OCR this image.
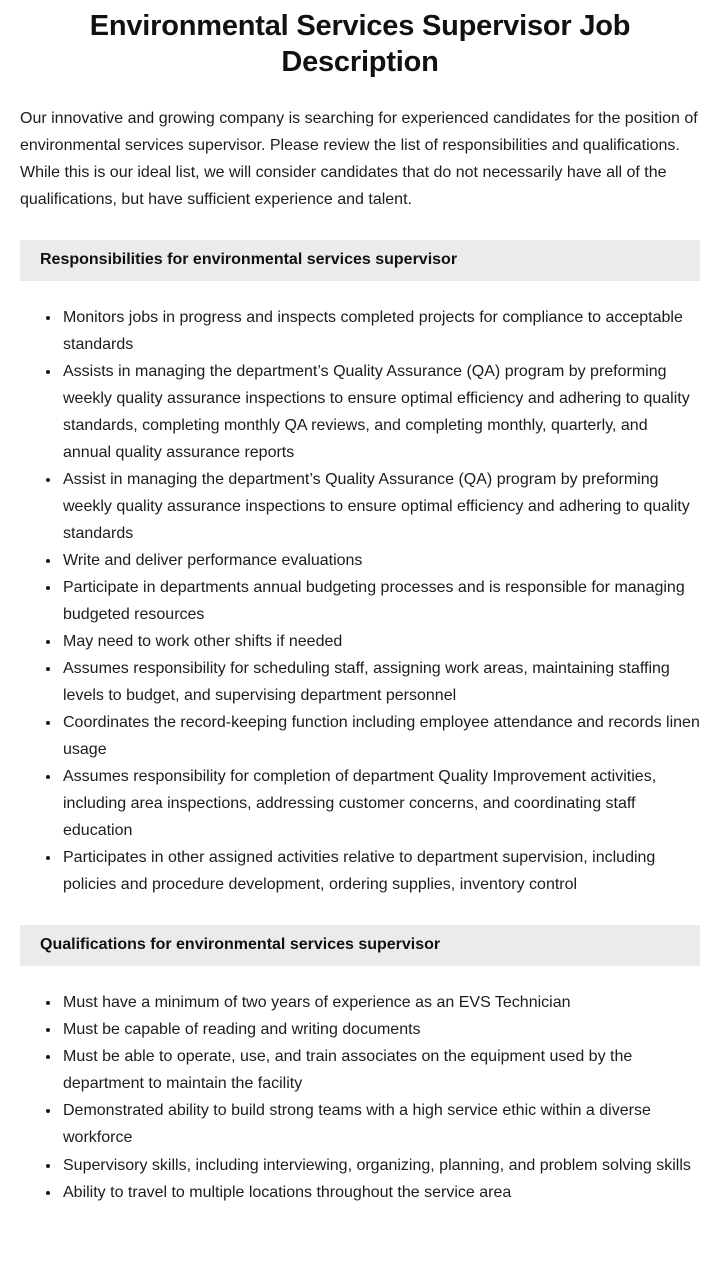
Environmental Services Supervisor Job Description

Our innovative and growing company is searching for experienced candidates for the position of environmental services supervisor. Please review the list of responsibilities and qualifications. While this is our ideal list, we will consider candidates that do not necessarily have all of the qualifications, but have sufficient experience and talent.

Responsibilities for environmental services supervisor
• Monitors jobs in progress and inspects completed projects for compliance to acceptable standards
• Assists in managing the department’s Quality Assurance (QA) program by preforming weekly quality assurance inspections to ensure optimal efficiency and adhering to quality standards, completing monthly QA reviews, and completing monthly, quarterly, and annual quality assurance reports
• Assist in managing the department’s Quality Assurance (QA) program by preforming weekly quality assurance inspections to ensure optimal efficiency and adhering to quality standards
• Write and deliver performance evaluations
• Participate in departments annual budgeting processes and is responsible for managing budgeted resources
• May need to work other shifts if needed
• Assumes responsibility for scheduling staff, assigning work areas, maintaining staffing levels to budget, and supervising department personnel
• Coordinates the record-keeping function including employee attendance and records linen usage
• Assumes responsibility for completion of department Quality Improvement activities, including area inspections, addressing customer concerns, and coordinating staff education
• Participates in other assigned activities relative to department supervision, including policies and procedure development, ordering supplies, inventory control
Qualifications for environmental services supervisor
• Must have a minimum of two years of experience as an EVS Technician
• Must be capable of reading and writing documents
• Must be able to operate, use, and train associates on the equipment used by the department to maintain the facility
• Demonstrated ability to build strong teams with a high service ethic within a diverse workforce
• Supervisory skills, including interviewing, organizing, planning, and problem solving skills
• Ability to travel to multiple locations throughout the service area
